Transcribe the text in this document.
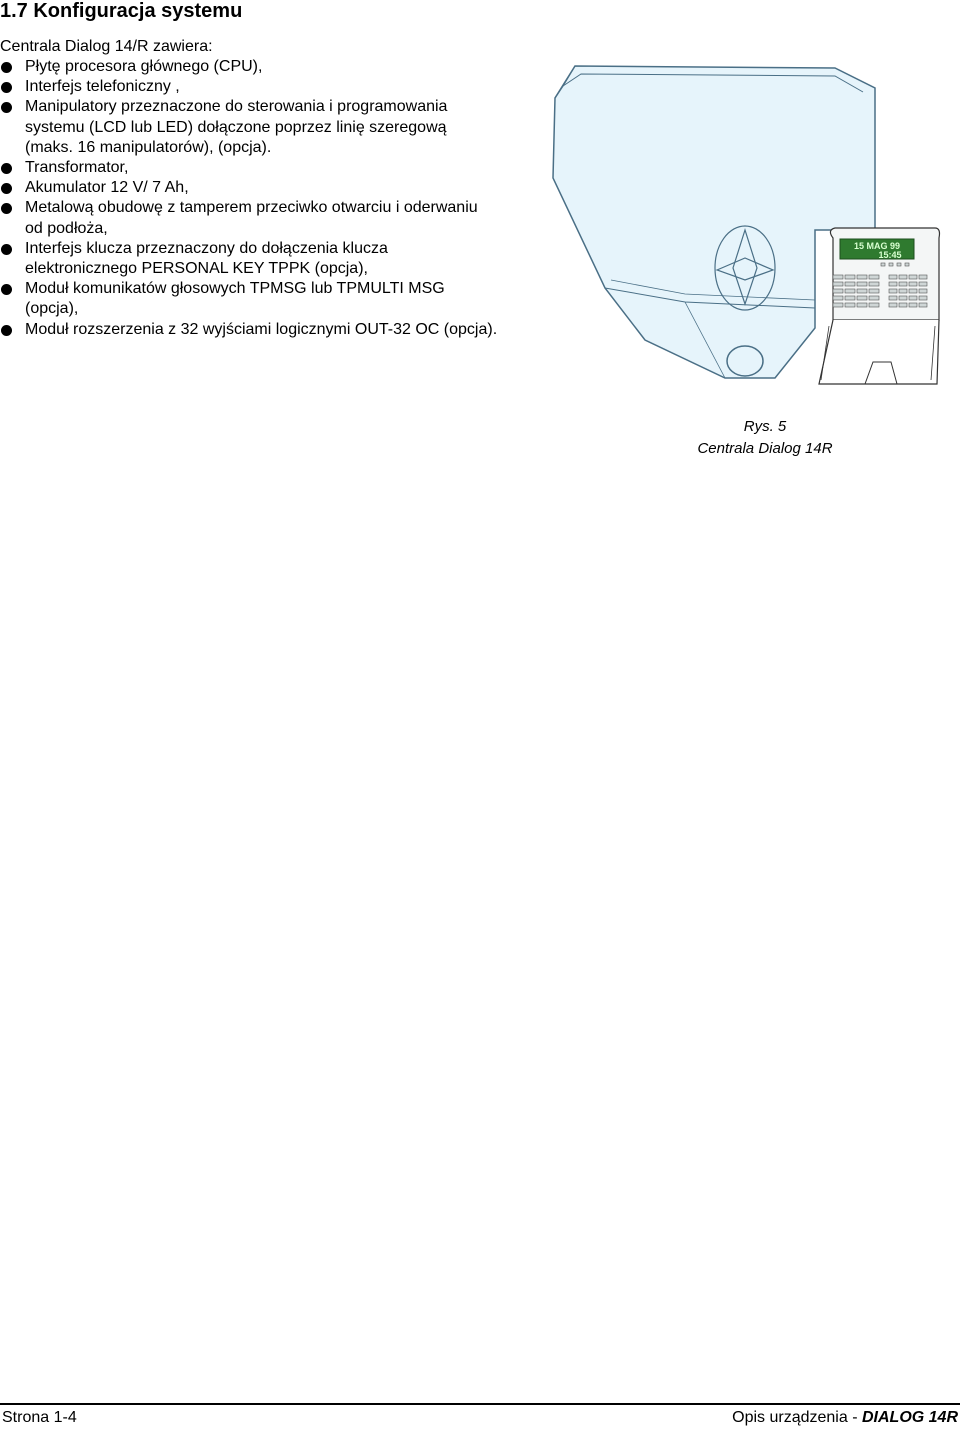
1.7 Konfiguracja systemu

Centrala Dialog 14/R zawiera:

Płytę procesora głównego (CPU),
Interfejs telefoniczny ,
Manipulatory przeznaczone do sterowania i programowania systemu (LCD lub LED) dołączone poprzez linię szeregową (maks. 16 manipulatorów), (opcja).
Transformator,
Akumulator 12 V/ 7 Ah,
Metalową obudowę z tamperem przeciwko otwarciu i oderwaniu od podłoża,
Interfejs klucza przeznaczony do dołączenia klucza elektronicznego PERSONAL KEY TPPK (opcja),
Moduł komunikatów głosowych TPMSG lub TPMULTI MSG (opcja),
Moduł rozszerzenia z 32 wyjściami logicznymi OUT-32 OC (opcja).
15 MAG 99
15:45
Rys. 5
Centrala Dialog 14R
Strona 1-4	Opis urządzenia - DIALOG 14R
